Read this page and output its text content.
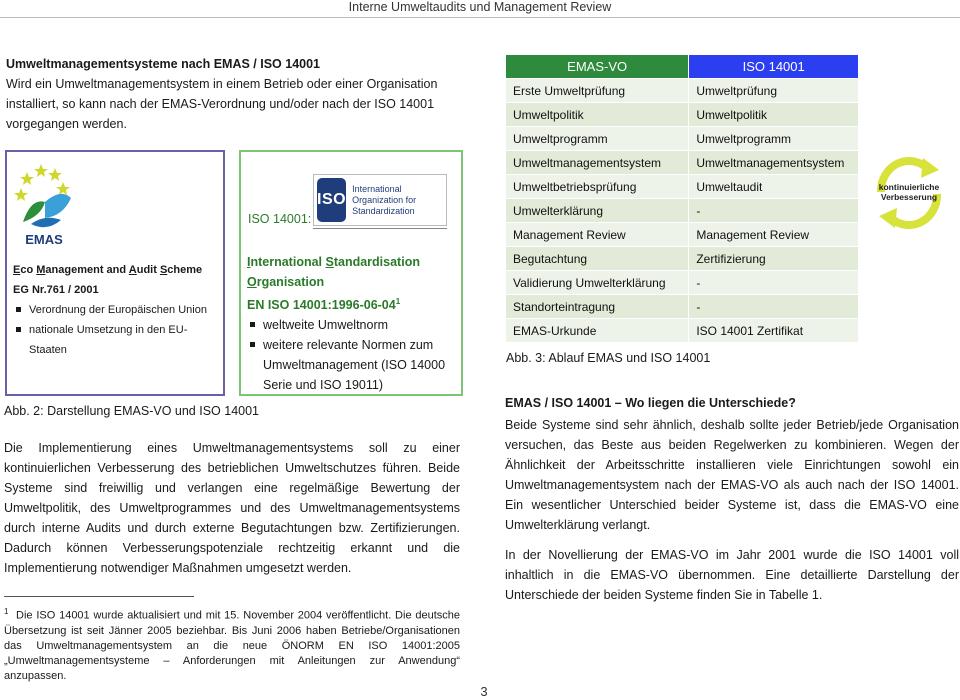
Interne Umweltaudits und Management Review
Umweltmanagementsysteme nach EMAS / ISO 14001
Wird ein Umweltmanagementsystem in einem Betrieb oder einer Organisation installiert, so kann nach der EMAS-Verordnung und/oder nach der ISO 14001 vorgegangen werden.
EMAS
Eco Management and Audit Scheme
EG Nr.761 / 2001
Verordnung der Europäischen Union
nationale Umsetzung in den EU-Staaten
ISO
International Organization for Standardization
ISO 14001:
International Standardisation Organisation
EN ISO $14001:1996-06-04^1$
weltweite Umweltnorm
weitere relevante Normen zum Umweltmanagement (ISO 14000 Serie und ISO 19011)
Abb. 2: Darstellung EMAS-VO und ISO 14001
Die Implementierung eines Umweltmanagementsystems soll zu einer kontinuierlichen Verbesserung des betrieblichen Umweltschutzes führen. Beide Systeme sind freiwillig und verlangen eine regelmäßige Bewertung der Umweltpolitik, des Umweltprogrammes und des Umweltmanagementsystems durch interne Audits und durch externe Begutachtungen bzw. Zertifizierungen. Dadurch können Verbesserungspotenziale rechtzeitig erkannt und die Implementierung notwendiger Maßnahmen umgesetzt werden.
$^1$ Die ISO 14001 wurde aktualisiert und mit 15. November 2004 veröffentlicht. Die deutsche Übersetzung ist seit Jänner 2005 beziehbar. Bis Juni 2006 haben Betriebe/Organisationen das Umweltmanagementsystem an die neue ÖNORM EN ISO 14001:2005 „Umweltmanagementsysteme – Anforderungen mit Anleitungen zur Anwendung“ anzupassen.
EMAS-VO	ISO 14001
Erste Umweltprüfung	Umweltprüfung
Umweltpolitik	Umweltpolitik
Umweltprogramm	Umweltprogramm
Umweltmanagementsystem	Umweltmanagementsystem
Umweltbetriebsprüfung	Umweltaudit
Umwelterklärung	-
Management Review	Management Review
Begutachtung	Zertifizierung
Validierung Umwelterklärung	-
Standorteintragung	-
EMAS-Urkunde	ISO 14001 Zertifikat
Abb. 3: Ablauf EMAS und ISO 14001
kontinuierliche Verbesserung
EMAS / ISO 14001 – Wo liegen die Unterschiede?

Beide Systeme sind sehr ähnlich, deshalb sollte jeder Betrieb/jede Organisation versuchen, das Beste aus beiden Regelwerken zu kombinieren. Wegen der Ähnlichkeit der Arbeitsschritte installieren viele Einrichtungen sowohl ein Umweltmanagementsystem nach der EMAS-VO als auch nach der ISO 14001. Ein wesentlicher Unterschied beider Systeme ist, dass die EMAS-VO eine Umwelterklärung verlangt.

In der Novellierung der EMAS-VO im Jahr 2001 wurde die ISO 14001 voll inhaltlich in die EMAS-VO übernommen. Eine detaillierte Darstellung der Unterschiede der beiden Systeme finden Sie in Tabelle 1.

3
